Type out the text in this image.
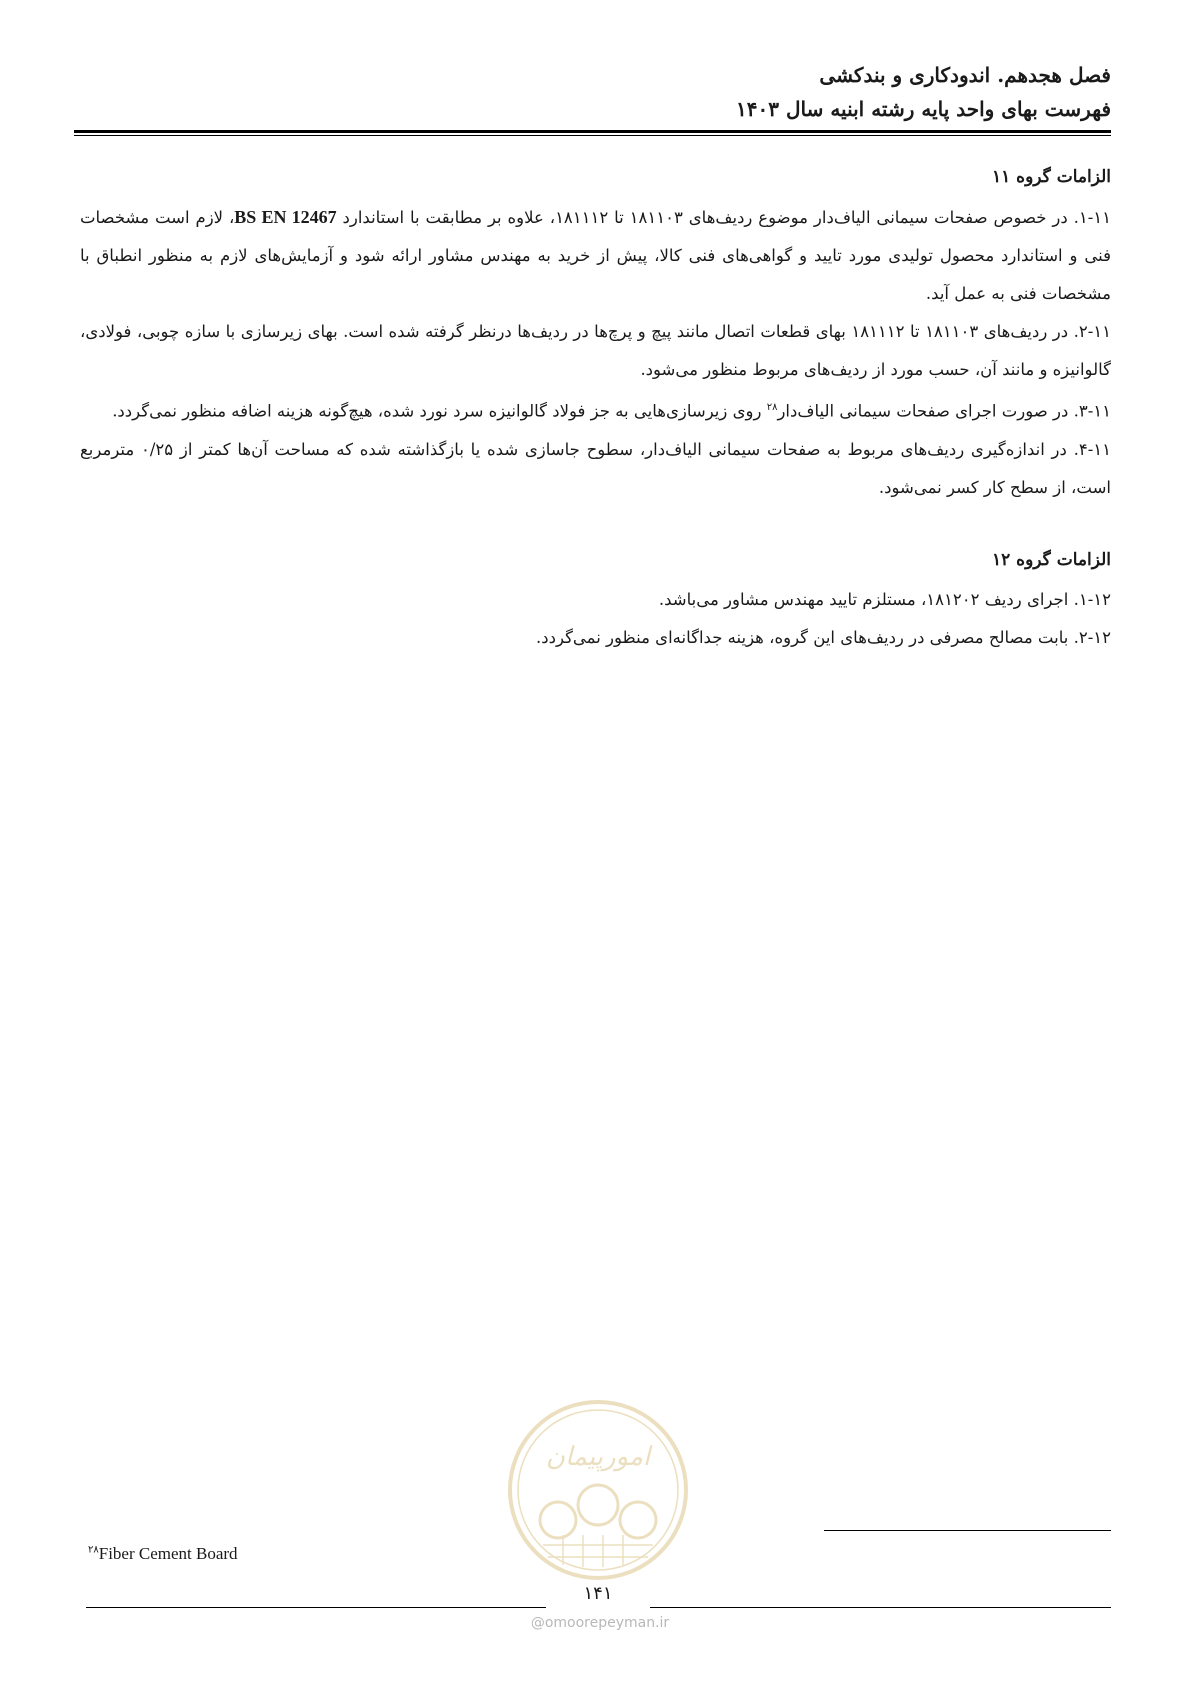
فصل هجدهم. اندودکاری و بندکشی
فهرست بهای واحد پایه رشته ابنیه سال ۱۴۰۳
الزامات گروه ۱۱

۱-۱۱. در خصوص صفحات سیمانی الیاف‌دار موضوع ردیف‌های ۱۸۱۱۰۳ تا ۱۸۱۱۱۲، علاوه بر مطابقت با استاندارد BS EN 12467، لازم است مشخصات فنی و استاندارد محصول تولیدی مورد تایید و گواهی‌های فنی کالا، پیش از خرید به مهندس مشاور ارائه شود و آزمایش‌های لازم به منظور انطباق با مشخصات فنی به عمل آید.

۲-۱۱. در ردیف‌های ۱۸۱۱۰۳ تا ۱۸۱۱۱۲ بهای قطعات اتصال مانند پیچ و پرچ‌ها در ردیف‌ها درنظر گرفته شده است. بهای زیرسازی با سازه چوبی، فولادی، گالوانیزه و مانند آن، حسب مورد از ردیف‌های مربوط منظور می‌شود.

۳-۱۱. در صورت اجرای صفحات سیمانی الیاف‌دار$^{۲۸}$ روی زیرسازی‌هایی به جز فولاد گالوانیزه سرد نورد شده، هیچ‌گونه هزینه اضافه منظور نمی‌گردد.

۴-۱۱. در اندازه‌گیری ردیف‌های مربوط به صفحات سیمانی الیاف‌دار، سطوح جاسازی شده یا بازگذاشته شده که مساحت آن‌ها کمتر از ۰/۲۵ مترمربع است، از سطح کار کسر نمی‌شود.

الزامات گروه ۱۲

۱-۱۲. اجرای ردیف ۱۸۱۲۰۲، مستلزم تایید مهندس مشاور می‌باشد.

۲-۱۲. بابت مصالح مصرفی در ردیف‌های این گروه، هزینه جداگانه‌ای منظور نمی‌گردد.

امورپیمان
$^{۲۸}$Fiber Cement Board
۱۴۱
@omoorepeyman.ir
